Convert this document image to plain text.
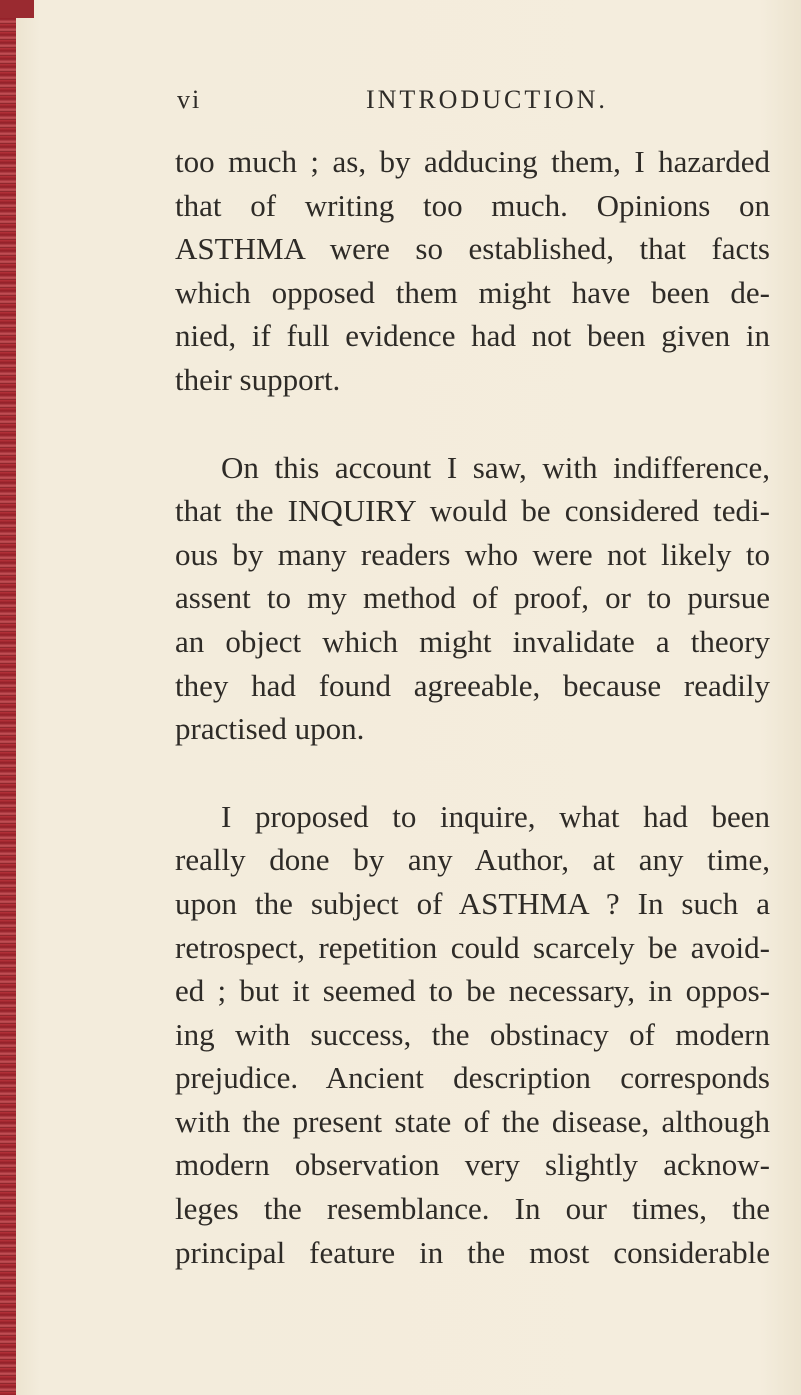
vi	INTRODUCTION.
too much ; as, by adducing them, I hazarded
that of writing too much. Opinions on
ASTHMA were so established, that facts
which opposed them might have been de-
nied, if full evidence had not been given in
their support.
On this account I saw, with indifference,
that the INQUIRY would be considered tedi-
ous by many readers who were not likely to
assent to my method of proof, or to pursue
an object which might invalidate a theory
they had found agreeable, because readily
practised upon.
I proposed to inquire, what had been
really done by any Author, at any time,
upon the subject of ASTHMA ? In such a
retrospect, repetition could scarcely be avoid-
ed ; but it seemed to be necessary, in oppos-
ing with success, the obstinacy of modern
prejudice. Ancient description corresponds
with the present state of the disease, although
modern observation very slightly acknow-
leges the resemblance. In our times, the
principal feature in the most considerable
